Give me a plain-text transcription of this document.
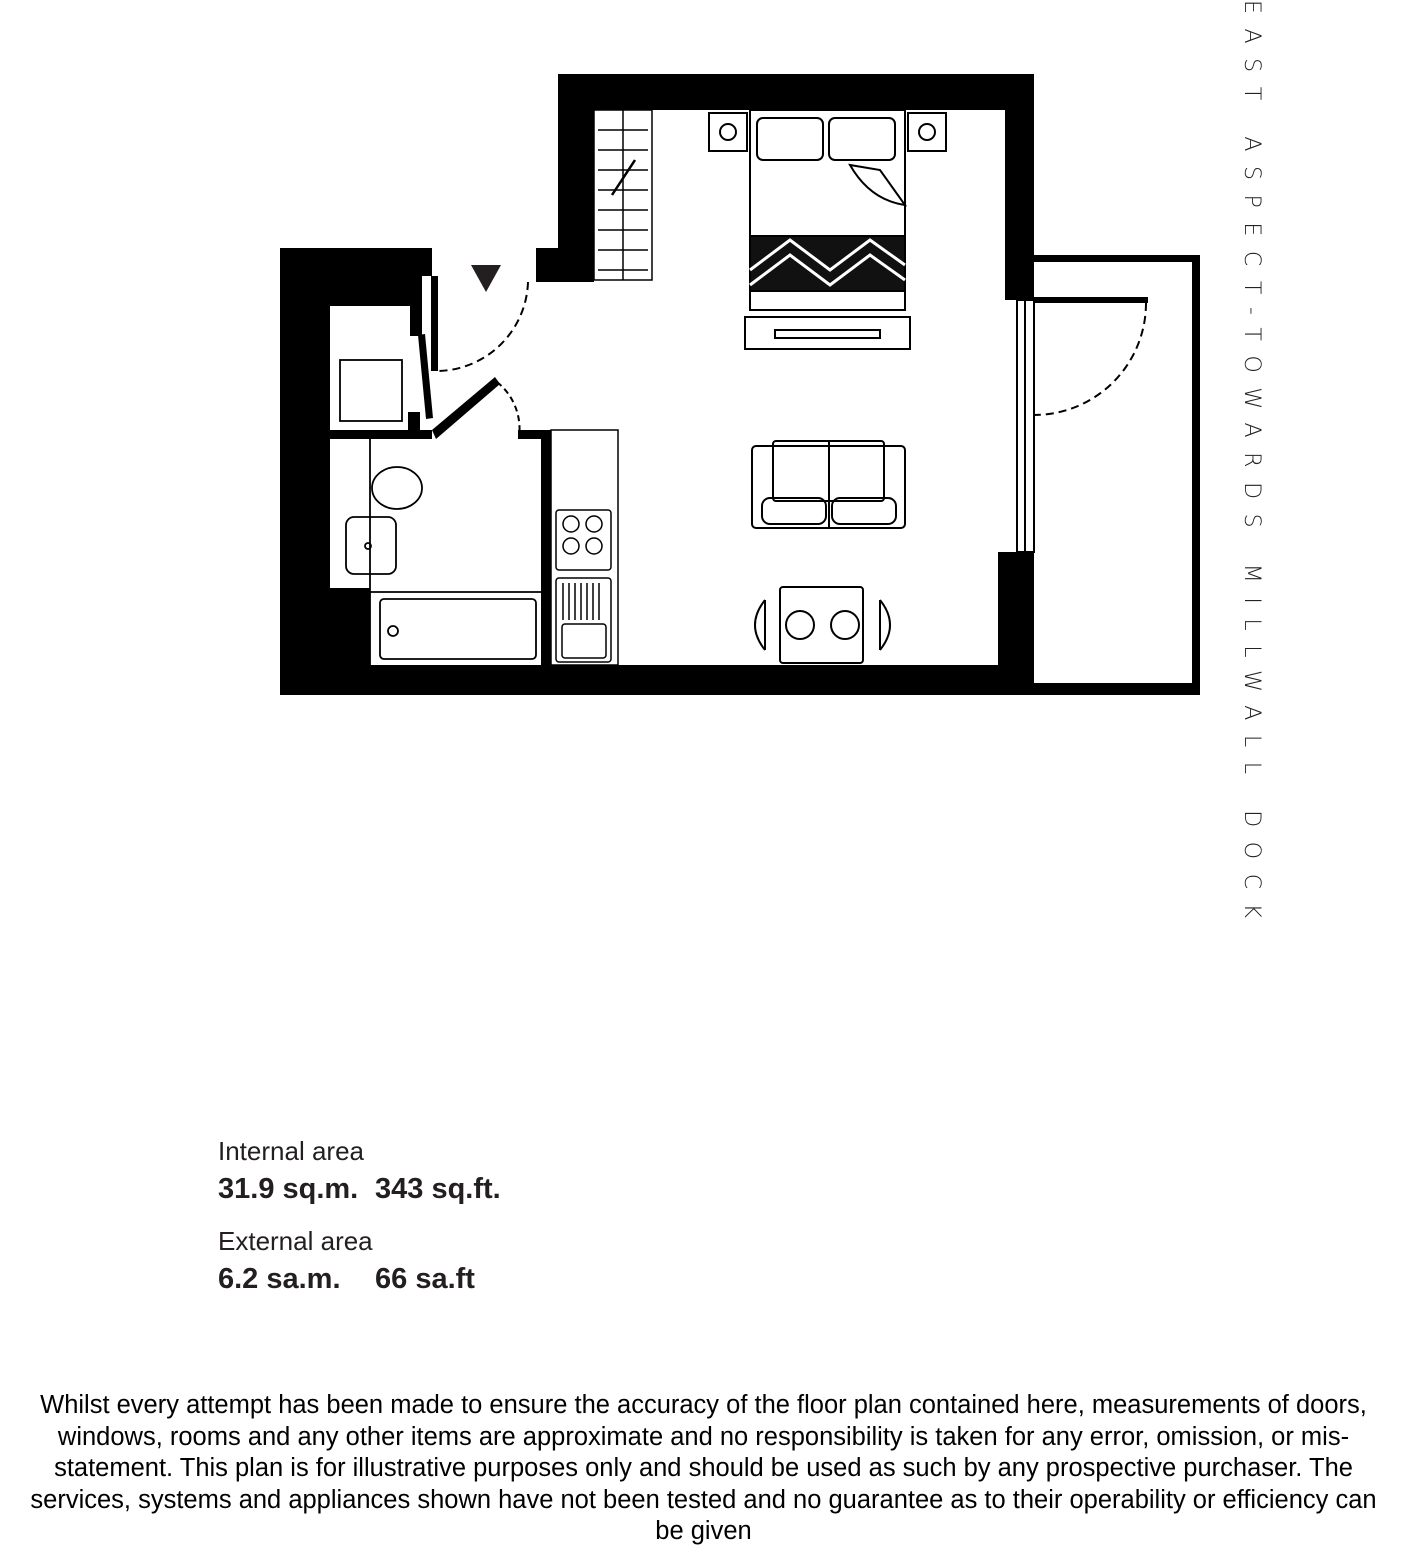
EAST ASPECT-TOWARDS MILLWALL DOCK
Internal area
31.9 sq.m. 343 sq.ft.
External area
6.2 sa.m.	66 sa.ft
Whilst every attempt has been made to ensure the accuracy of the floor plan contained here, measurements of doors, windows, rooms and any other items are approximate and no responsibility is taken for any error, omission, or mis-statement. This plan is for illustrative purposes only and should be used as such by any prospective purchaser. The services, systems and appliances shown have not been tested and no guarantee as to their operability or efficiency can be given
